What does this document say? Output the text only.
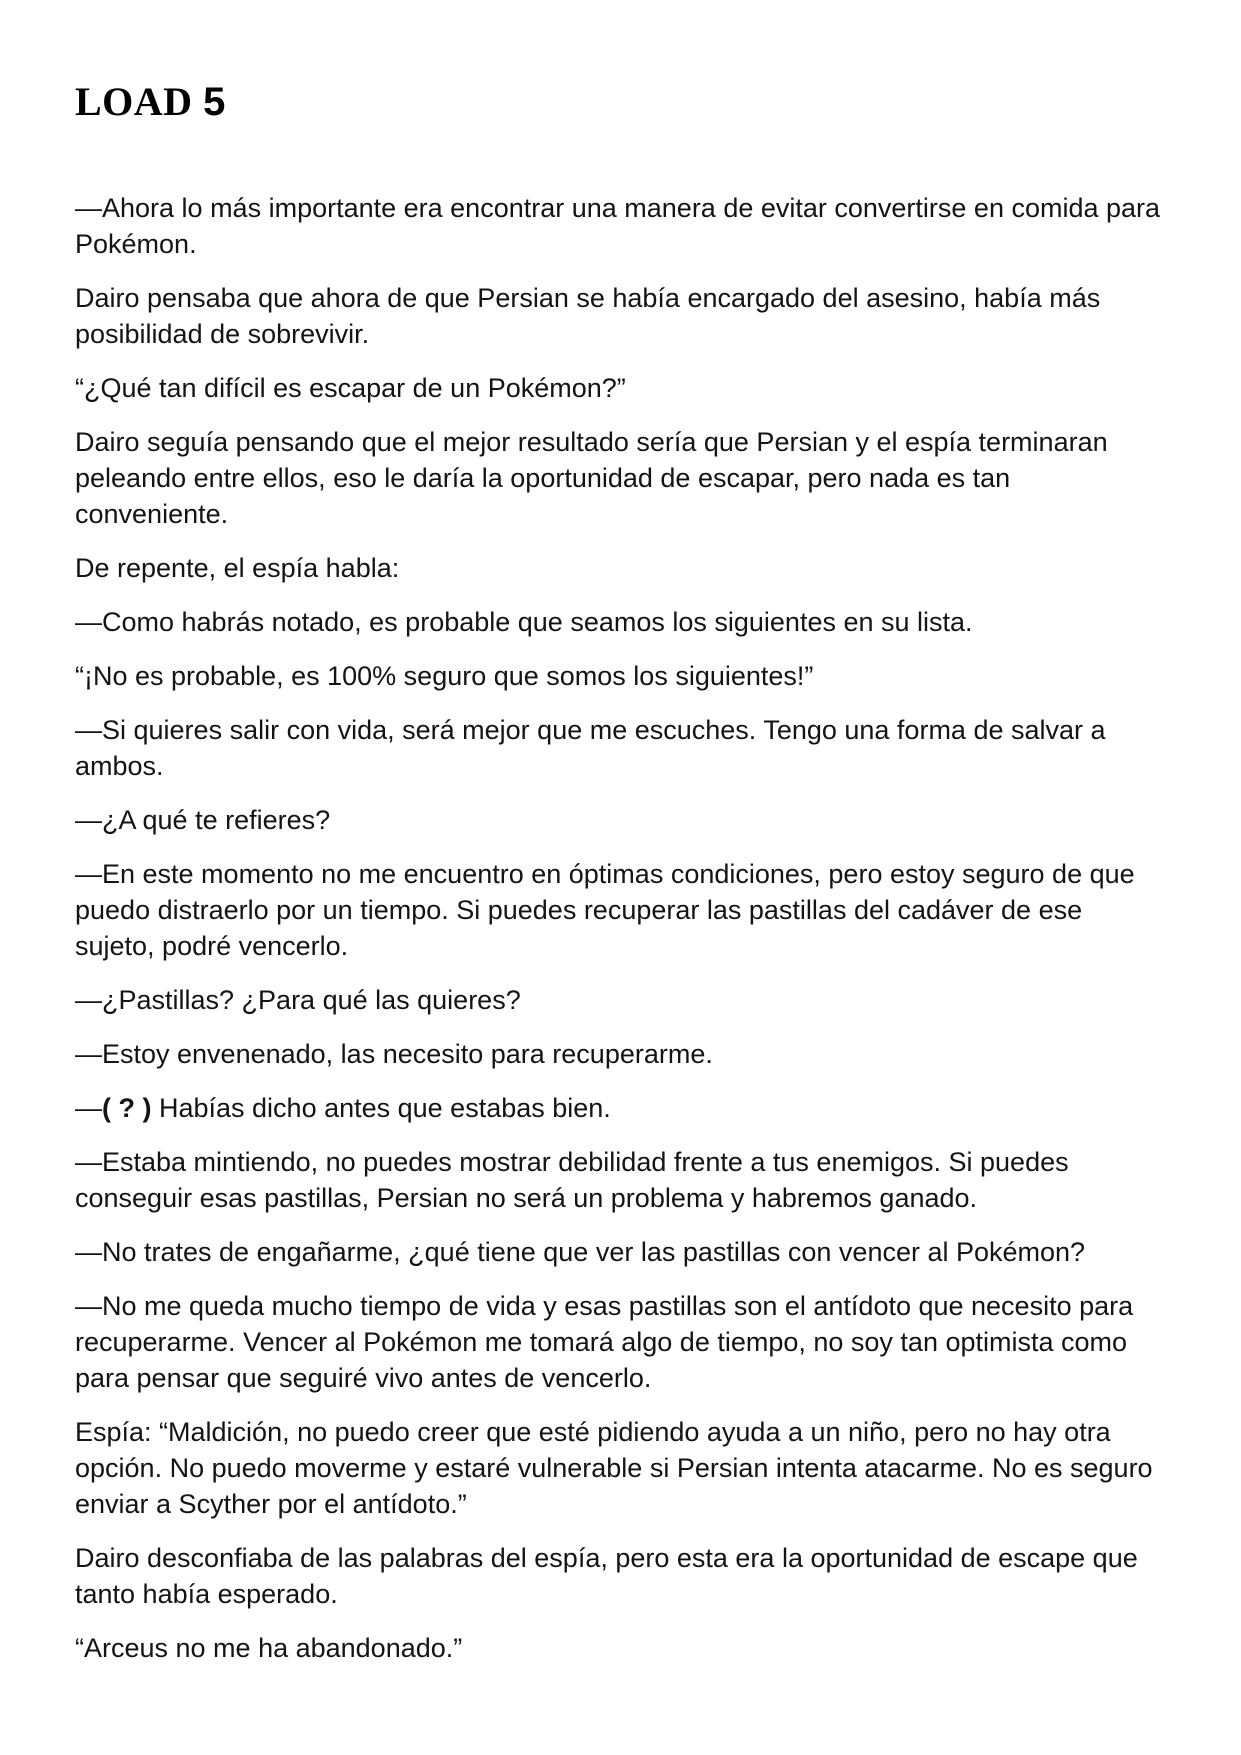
LOAD 5

—Ahora lo más importante era encontrar una manera de evitar convertirse en comida para Pokémon.

Dairo pensaba que ahora de que Persian se había encargado del asesino, había más posibilidad de sobrevivir.

“¿Qué tan difícil es escapar de un Pokémon?”

Dairo seguía pensando que el mejor resultado sería que Persian y el espía terminaran peleando entre ellos, eso le daría la oportunidad de escapar, pero nada es tan conveniente.

De repente, el espía habla:

—Como habrás notado, es probable que seamos los siguientes en su lista.

“¡No es probable, es 100% seguro que somos los siguientes!”

—Si quieres salir con vida, será mejor que me escuches. Tengo una forma de salvar a ambos.

—¿A qué te refieres?

—En este momento no me encuentro en óptimas condiciones, pero estoy seguro de que puedo distraerlo por un tiempo. Si puedes recuperar las pastillas del cadáver de ese sujeto, podré vencerlo.

—¿Pastillas? ¿Para qué las quieres?

—Estoy envenenado, las necesito para recuperarme.

—( ? ) Habías dicho antes que estabas bien.

—Estaba mintiendo, no puedes mostrar debilidad frente a tus enemigos. Si puedes conseguir esas pastillas, Persian no será un problema y habremos ganado.

—No trates de engañarme, ¿qué tiene que ver las pastillas con vencer al Pokémon?

—No me queda mucho tiempo de vida y esas pastillas son el antídoto que necesito para recuperarme. Vencer al Pokémon me tomará algo de tiempo, no soy tan optimista como para pensar que seguiré vivo antes de vencerlo.

Espía: “Maldición, no puedo creer que esté pidiendo ayuda a un niño, pero no hay otra opción. No puedo moverme y estaré vulnerable si Persian intenta atacarme. No es seguro enviar a Scyther por el antídoto.”

Dairo desconfiaba de las palabras del espía, pero esta era la oportunidad de escape que tanto había esperado.

“Arceus no me ha abandonado.”
